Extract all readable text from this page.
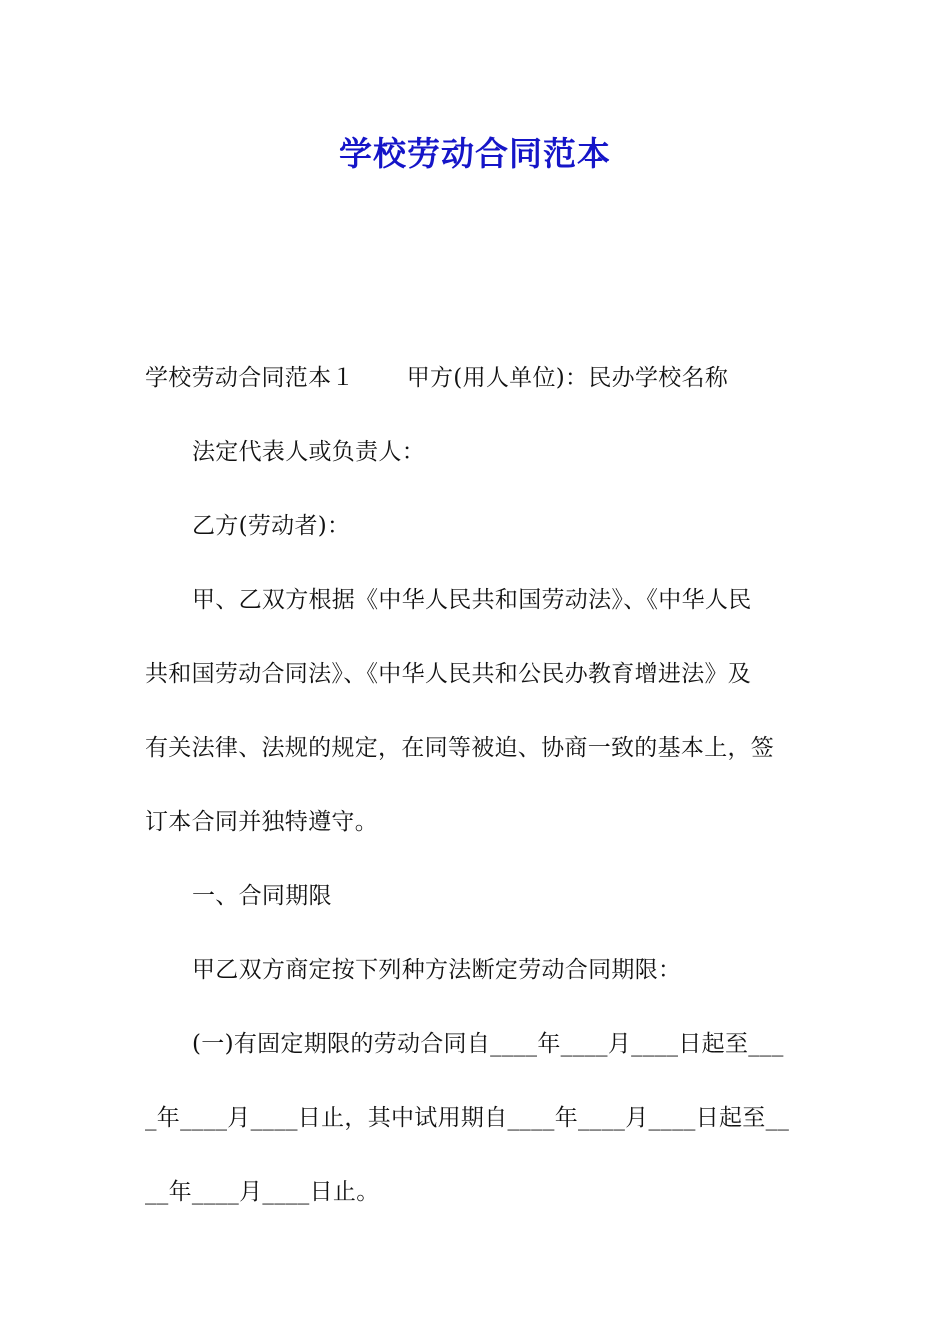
学校劳动合同范本
学校劳动合同范本１ 甲方(用人单位)：民办学校名称
法定代表人或负责人：
乙方(劳动者)：
甲、乙双方根据《中华人民共和国劳动法》、《中华人民
共和国劳动合同法》、《中华人民共和公民办教育增进法》及
有关法律、法规的规定，在同等被迫、协商一致的基本上，签
订本合同并独特遵守。
一、合同期限
甲乙双方商定按下列种方法断定劳动合同期限：
(一)有固定期限的劳动合同自____年____月____日起至___
_年____月____日止，其中试用期自____年____月____日起至__
__年____月____日止。
